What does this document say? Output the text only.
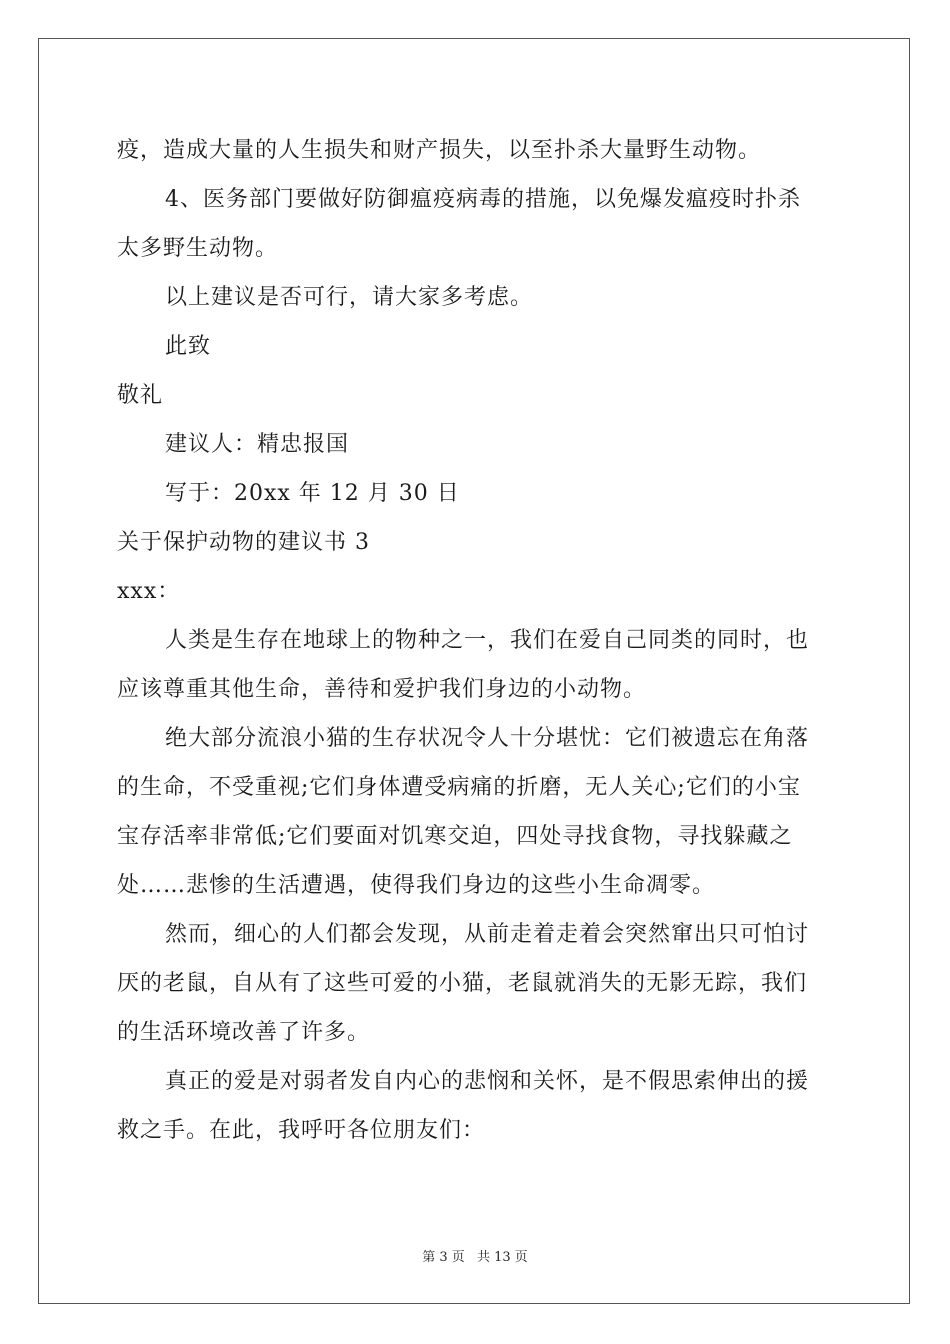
疫，造成大量的人生损失和财产损失，以至扑杀大量野生动物。
4、医务部门要做好防御瘟疫病毒的措施，以免爆发瘟疫时扑杀
太多野生动物。
以上建议是否可行，请大家多考虑。
此致
敬礼
建议人：精忠报国
写于：20xx 年 12 月 30 日
关于保护动物的建议书 3
xxx：
人类是生存在地球上的物种之一，我们在爱自己同类的同时，也
应该尊重其他生命，善待和爱护我们身边的小动物。
绝大部分流浪小猫的生存状况令人十分堪忧：它们被遗忘在角落
的生命，不受重视;它们身体遭受病痛的折磨，无人关心;它们的小宝
宝存活率非常低;它们要面对饥寒交迫，四处寻找食物，寻找躲藏之
处……悲惨的生活遭遇，使得我们身边的这些小生命凋零。
然而，细心的人们都会发现，从前走着走着会突然窜出只可怕讨
厌的老鼠，自从有了这些可爱的小猫，老鼠就消失的无影无踪，我们
的生活环境改善了许多。
真正的爱是对弱者发自内心的悲悯和关怀，是不假思索伸出的援
救之手。在此，我呼吁各位朋友们：
第 3 页 共 13 页
